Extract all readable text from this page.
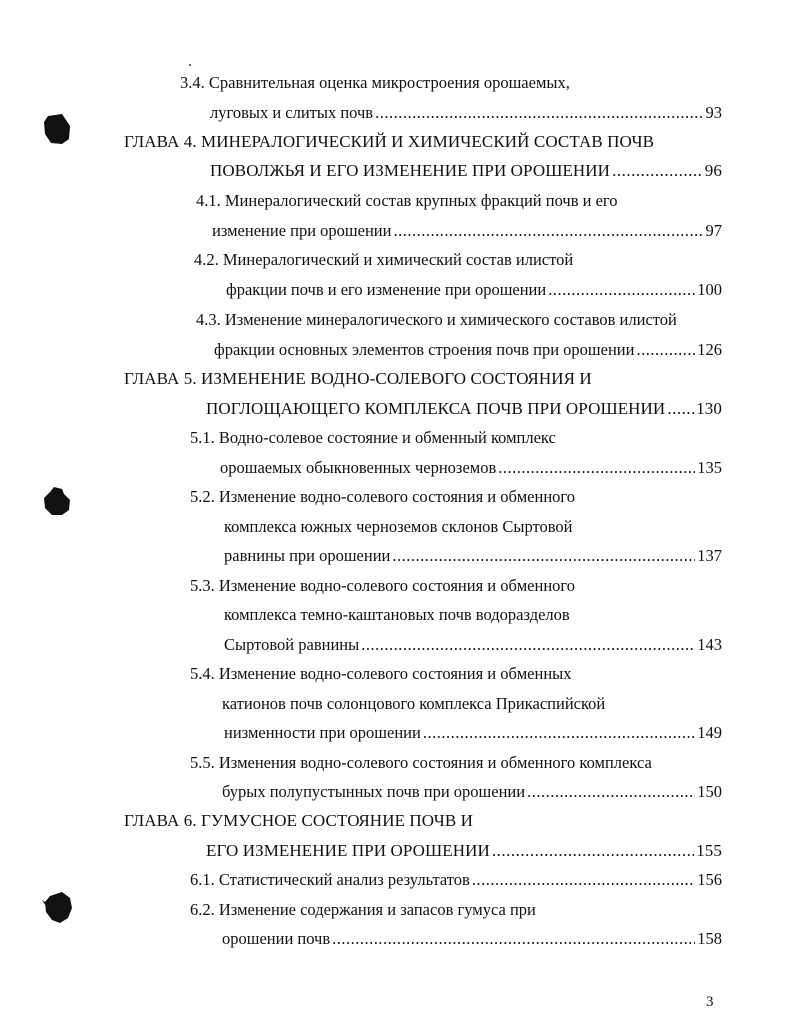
3.4. Сравнительная оценка микростроения орошаемых,
луговых и слитых почв .....	93
ГЛАВА 4. МИНЕРАЛОГИЧЕСКИЙ И ХИМИЧЕСКИЙ СОСТАВ ПОЧВ
ПОВОЛЖЬЯ И ЕГО ИЗМЕНЕНИЕ ПРИ ОРОШЕНИИ .....	96
4.1. Минералогический состав крупных фракций почв и его
изменение при орошении .....	97
4.2. Минералогический и химический состав илистой
фракции почв и его изменение при орошении .....	100
4.3. Изменение минералогического и химического составов илистой
фракции основных элементов строения почв при орошении .....	126
ГЛАВА 5. ИЗМЕНЕНИЕ ВОДНО-СОЛЕВОГО СОСТОЯНИЯ И
ПОГЛОЩАЮЩЕГО КОМПЛЕКСА ПОЧВ ПРИ ОРОШЕНИИ ..... 130
5.1. Водно-солевое состояние и обменный комплекс
орошаемых обыкновенных черноземов .....	135
5.2. Изменение водно-солевого состояния и обменного
комплекса южных черноземов склонов Сыртовой
равнины при орошении .....	137
5.3. Изменение водно-солевого состояния и обменного
комплекса темно-каштановых почв водоразделов
Сыртовой равнины .....	143
5.4. Изменение водно-солевого состояния и обменных
катионов почв солонцового комплекса Прикаспийской
низменности при орошении .....	149
5.5. Изменения водно-солевого состояния и обменного комплекса
бурых полупустынных почв при орошении .....	150
ГЛАВА 6. ГУМУСНОЕ СОСТОЯНИЕ ПОЧВ И
ЕГО ИЗМЕНЕНИЕ ПРИ ОРОШЕНИИ .....	155
6.1. Статистический анализ результатов .....	156
6.2. Изменение содержания и запасов гумуса при
орошении почв .....	158
3
